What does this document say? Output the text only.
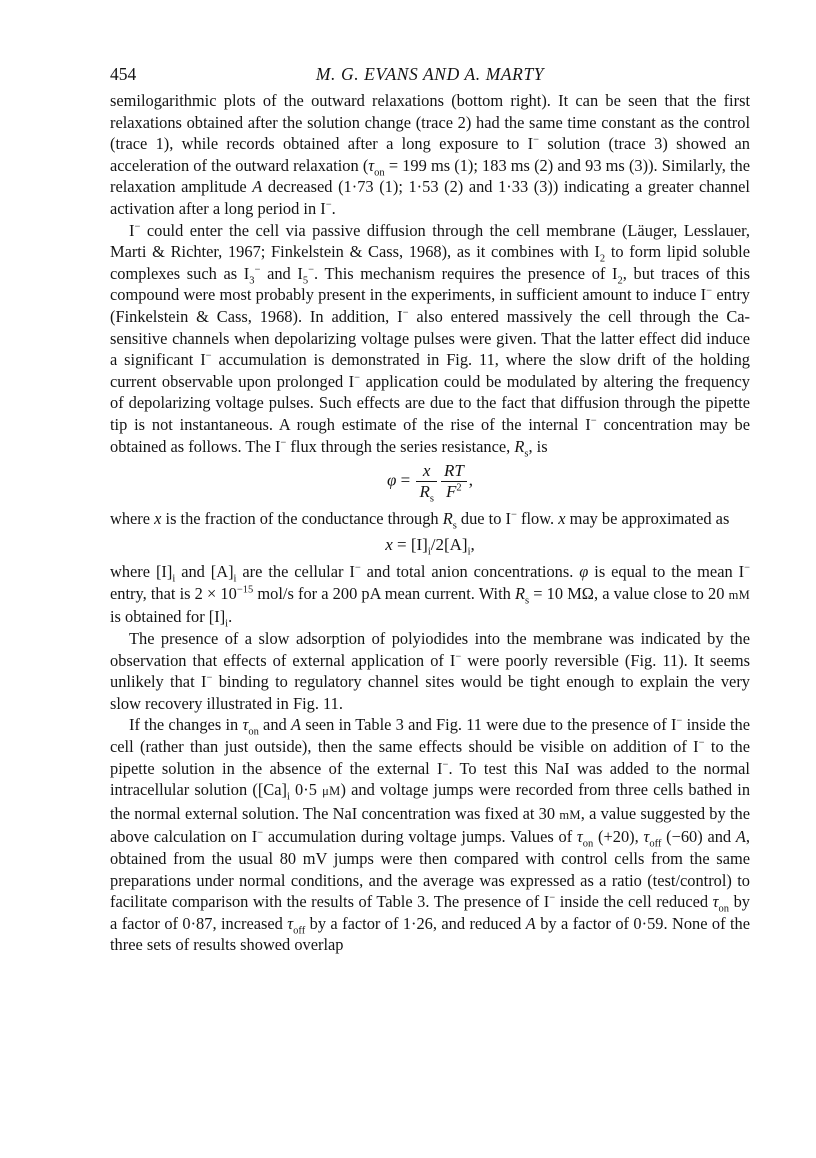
454	M. G. EVANS AND A. MARTY

semilogarithmic plots of the outward relaxations (bottom right). It can be seen that the first relaxations obtained after the solution change (trace 2) had the same time constant as the control (trace 1), while records obtained after a long exposure to I− solution (trace 3) showed an acceleration of the outward relaxation ($\tau_{on} = 199$ ms (1); 183 ms (2) and 93 ms (3)). Similarly, the relaxation amplitude A decreased (1·73 (1); 1·53 (2) and 1·33 (3)) indicating a greater channel activation after a long period in I−.

I− could enter the cell via passive diffusion through the cell membrane (Läuger, Lesslauer, Marti & Richter, 1967; Finkelstein & Cass, 1968), as it combines with $I_2$ to form lipid soluble complexes such as $I_3^-$ and $I_5^-$. This mechanism requires the presence of $I_2$, but traces of this compound were most probably present in the experiments, in sufficient amount to induce I− entry (Finkelstein & Cass, 1968). In addition, I− also entered massively the cell through the Ca-sensitive channels when depolarizing voltage pulses were given. That the latter effect did induce a significant I− accumulation is demonstrated in Fig. 11, where the slow drift of the holding current observable upon prolonged I− application could be modulated by altering the frequency of depolarizing voltage pulses. Such effects are due to the fact that diffusion through the pipette tip is not instantaneous. A rough estimate of the rise of the internal I− concentration may be obtained as follows. The I− flux through the series resistance, $R_s$, is

$\varphi = \frac{x}{R_s} \frac{RT}{F^2}$ ,

where x is the fraction of the conductance through $R_s$ due to I− flow. x may be approximated as

$x = [I]_i/2[A]_i$,

where $[I]_i$ and $[A]_i$ are the cellular I− and total anion concentrations. φ is equal to the mean I− entry, that is $2 \times 10^{-15}$ mol/s for a 200 pA mean current. With $R_s = 10$ MΩ, a value close to 20 mM is obtained for $[I]_i$.

The presence of a slow adsorption of polyiodides into the membrane was indicated by the observation that effects of external application of I− were poorly reversible (Fig. 11). It seems unlikely that I− binding to regulatory channel sites would be tight enough to explain the very slow recovery illustrated in Fig. 11.

If the changes in $\tau_{on}$ and A seen in Table 3 and Fig. 11 were due to the presence of I− inside the cell (rather than just outside), then the same effects should be visible on addition of I− to the pipette solution in the absence of the external I−. To test this NaI was added to the normal intracellular solution ($[Ca]_i$ 0·5 μM) and voltage jumps were recorded from three cells bathed in the normal external solution. The NaI concentration was fixed at 30 mM, a value suggested by the above calculation on I− accumulation during voltage jumps. Values of $\tau_{on}$ (+20), $\tau_{off}$ (−60) and A, obtained from the usual 80 mV jumps were then compared with control cells from the same preparations under normal conditions, and the average was expressed as a ratio (test/control) to facilitate comparison with the results of Table 3. The presence of I− inside the cell reduced $\tau_{on}$ by a factor of 0·87, increased $\tau_{off}$ by a factor of 1·26, and reduced A by a factor of 0·59. None of the three sets of results showed overlap
